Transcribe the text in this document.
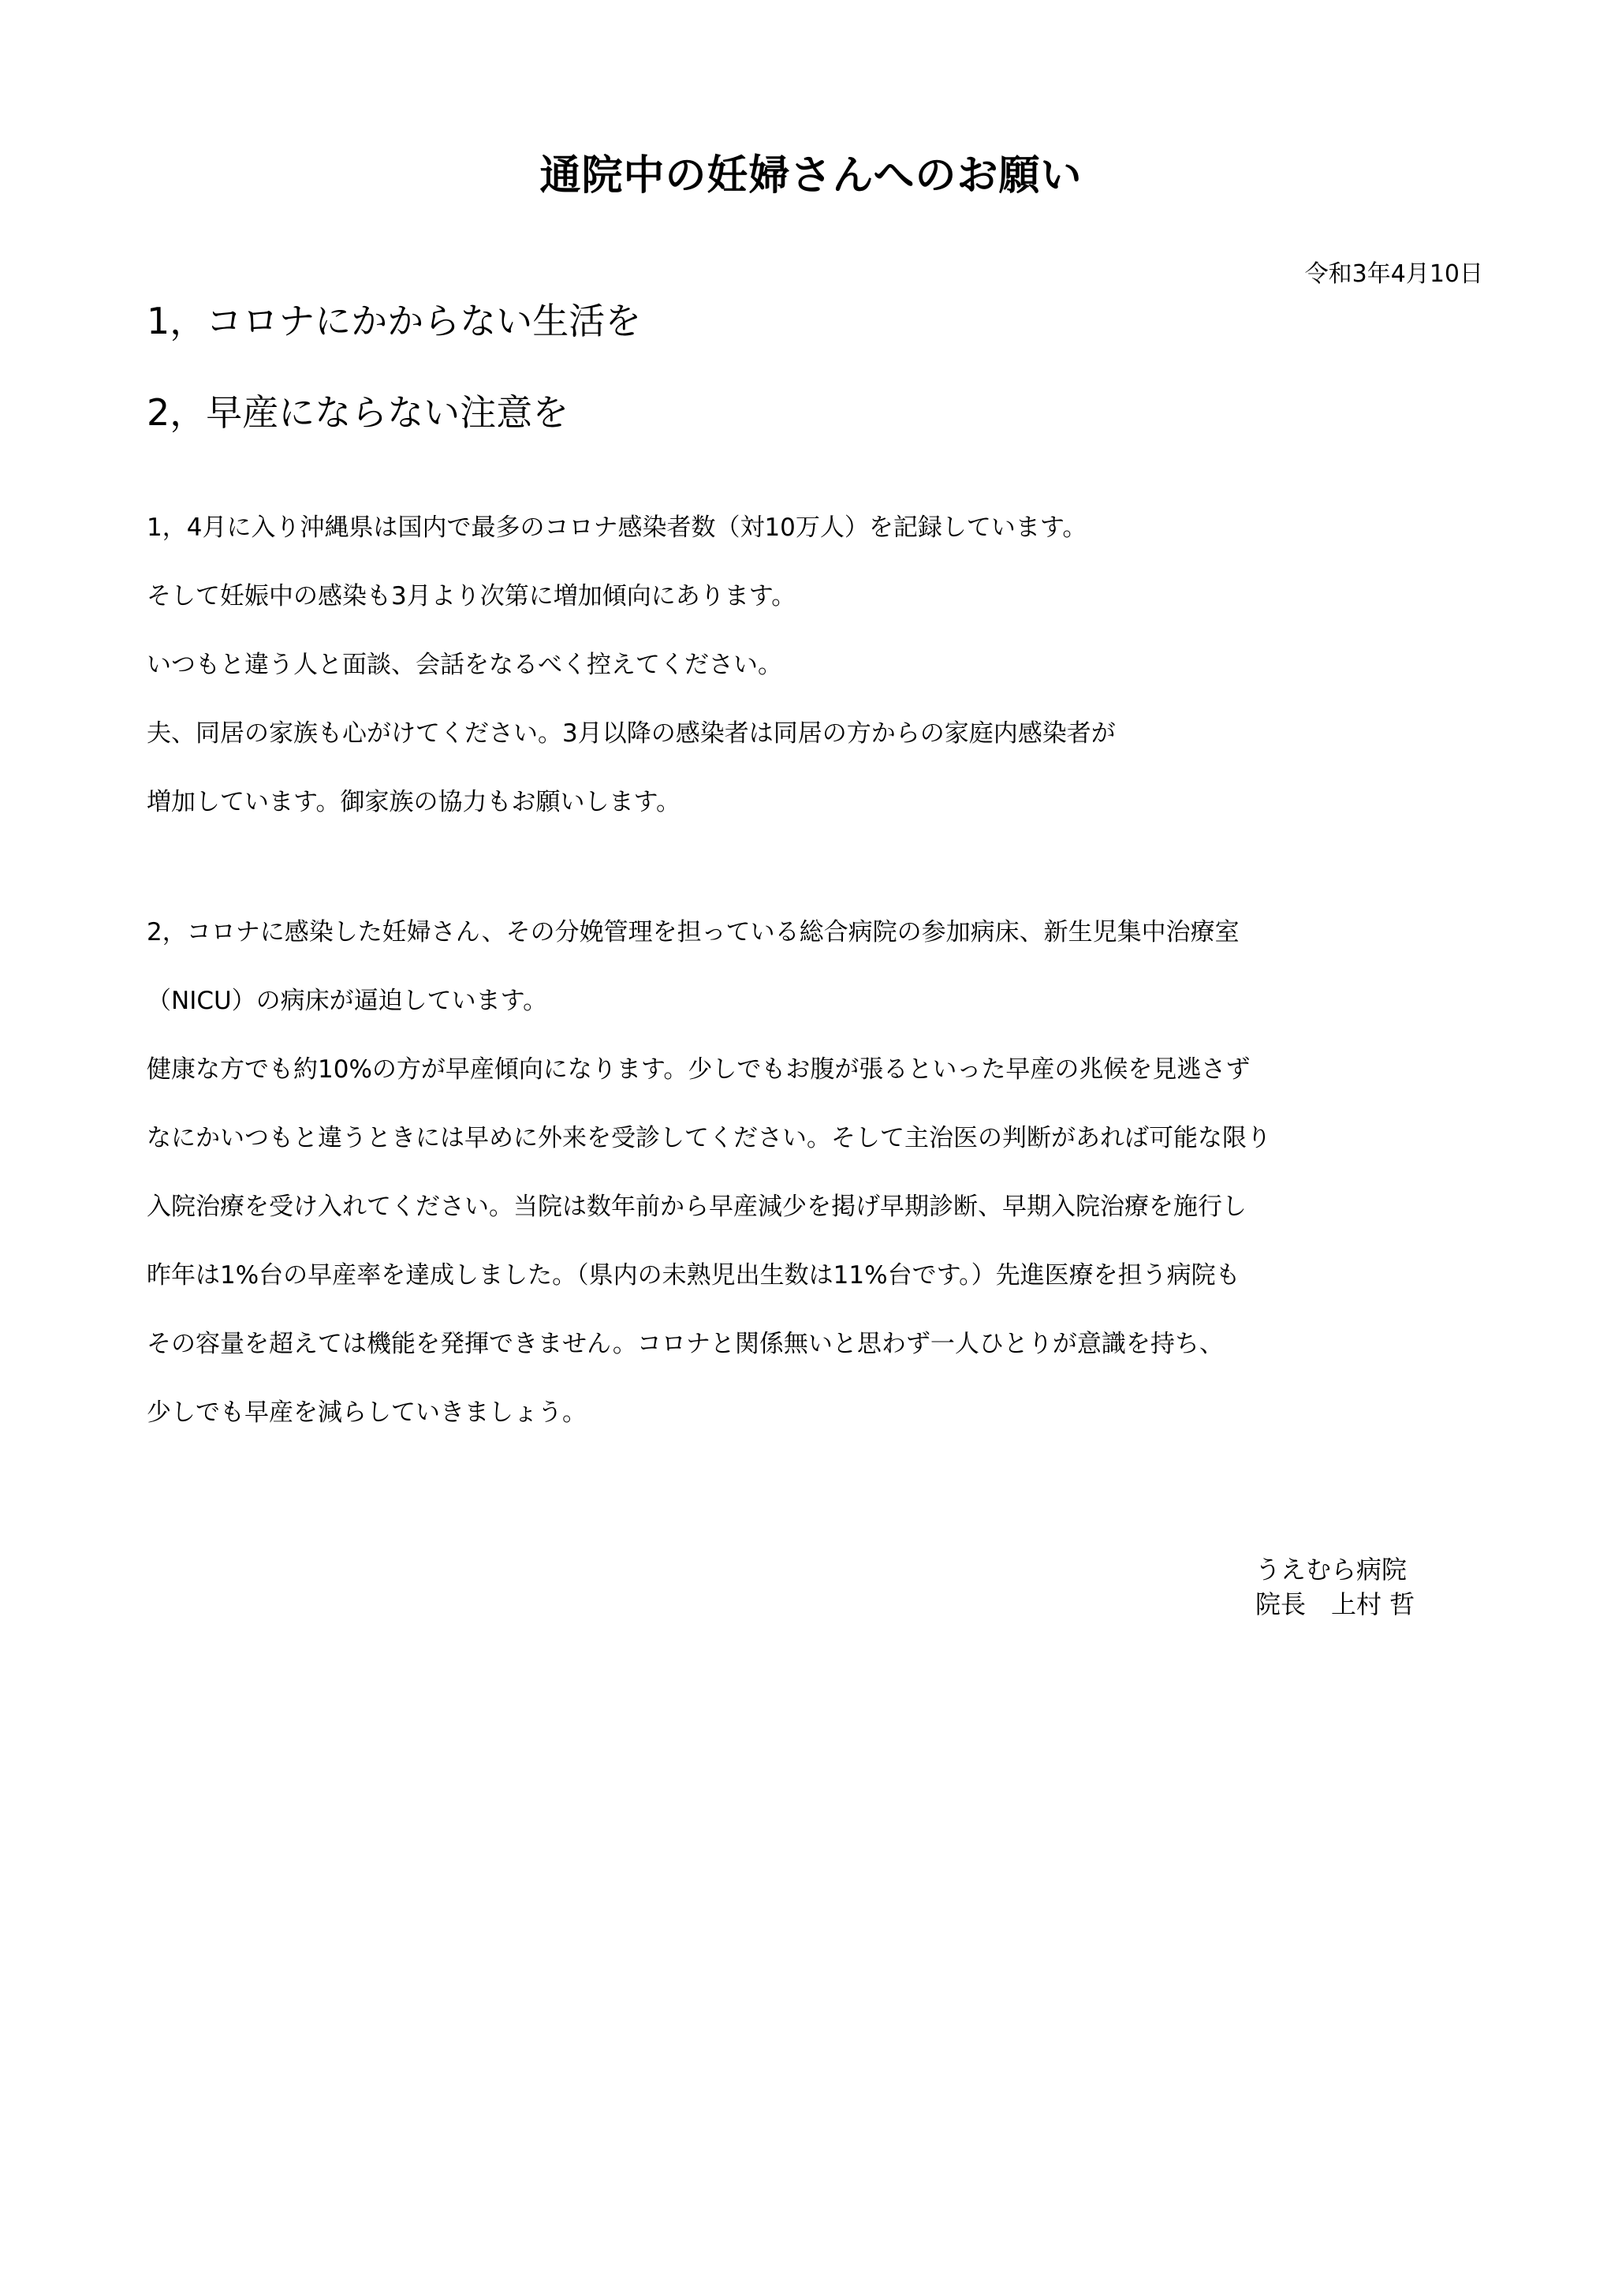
通院中の妊婦さんへのお願い
令和3年4月10日
1，コロナにかからない生活を
2，早産にならない注意を
1，4月に入り沖縄県は国内で最多のコロナ感染者数（対10万人）を記録しています。
そして妊娠中の感染も3月より次第に増加傾向にあります。
いつもと違う人と面談、会話をなるべく控えてください。
夫、同居の家族も心がけてください。3月以降の感染者は同居の方からの家庭内感染者が
増加しています。御家族の協力もお願いします。
2，コロナに感染した妊婦さん、その分娩管理を担っている総合病院の参加病床、新生児集中治療室
（NICU）の病床が逼迫しています。
健康な方でも約10%の方が早産傾向になります。少しでもお腹が張るといった早産の兆候を見逃さず
なにかいつもと違うときには早めに外来を受診してください。そして主治医の判断があれば可能な限り
入院治療を受け入れてください。当院は数年前から早産減少を掲げ早期診断、早期入院治療を施行し
昨年は1%台の早産率を達成しました。（県内の未熟児出生数は11%台です。）先進医療を担う病院も
その容量を超えては機能を発揮できません。コロナと関係無いと思わず一人ひとりが意識を持ち、
少しでも早産を減らしていきましょう。
うえむら病院
院長　上村 哲
